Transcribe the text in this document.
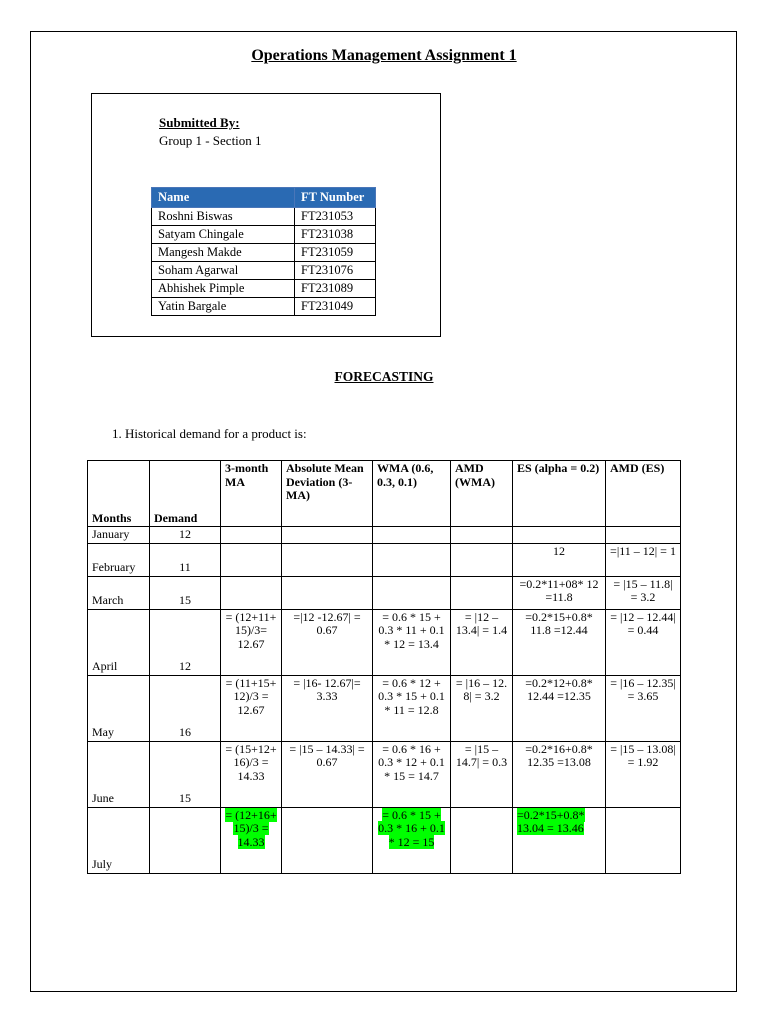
Operations Management Assignment 1
Submitted By:
Group 1 - Section 1
Name	FT Number
Roshni Biswas	FT231053
Satyam Chingale	FT231038
Mangesh Makde	FT231059
Soham Agarwal	FT231076
Abhishek Pimple	FT231089
Yatin Bargale	FT231049
FORECASTING
1. Historical demand for a product is:
Months	Demand	3-month MA	Absolute Mean Deviation (3-MA)	WMA (0.6, 0.3, 0.1)	AMD (WMA)	ES (alpha = 0.2)	AMD (ES)
January	12						
February	11					12	=|11 – 12| = 1
March	15					=0.2*11+08* 12 =11.8	= |15 – 11.8| = 3.2
April	12	= (12+11+ 15)/3= 12.67	=|12 -12.67| = 0.67	= 0.6 * 15 + 0.3 * 11 + 0.1 * 12 = 13.4	= |12 – 13.4| = 1.4	=0.2*15+0.8* 11.8 =12.44	= |12 – 12.44| = 0.44
May	16	= (11+15+ 12)/3 = 12.67	= |16- 12.67|= 3.33	= 0.6 * 12 + 0.3 * 15 + 0.1 * 11 = 12.8	= |16 – 12. 8| = 3.2	=0.2*12+0.8* 12.44 =12.35	= |16 – 12.35| = 3.65
June	15	= (15+12+ 16)/3 = 14.33	= |15 – 14.33| = 0.67	= 0.6 * 16 + 0.3 * 12 + 0.1 * 15 = 14.7	= |15 – 14.7| = 0.3	=0.2*16+0.8* 12.35 =13.08	= |15 – 13.08| = 1.92
July		= (12+16+ 15)/3 = 14.33		= 0.6 * 15 + 0.3 * 16 + 0.1 * 12 = 15		=0.2*15+0.8* 13.04 = 13.46	
